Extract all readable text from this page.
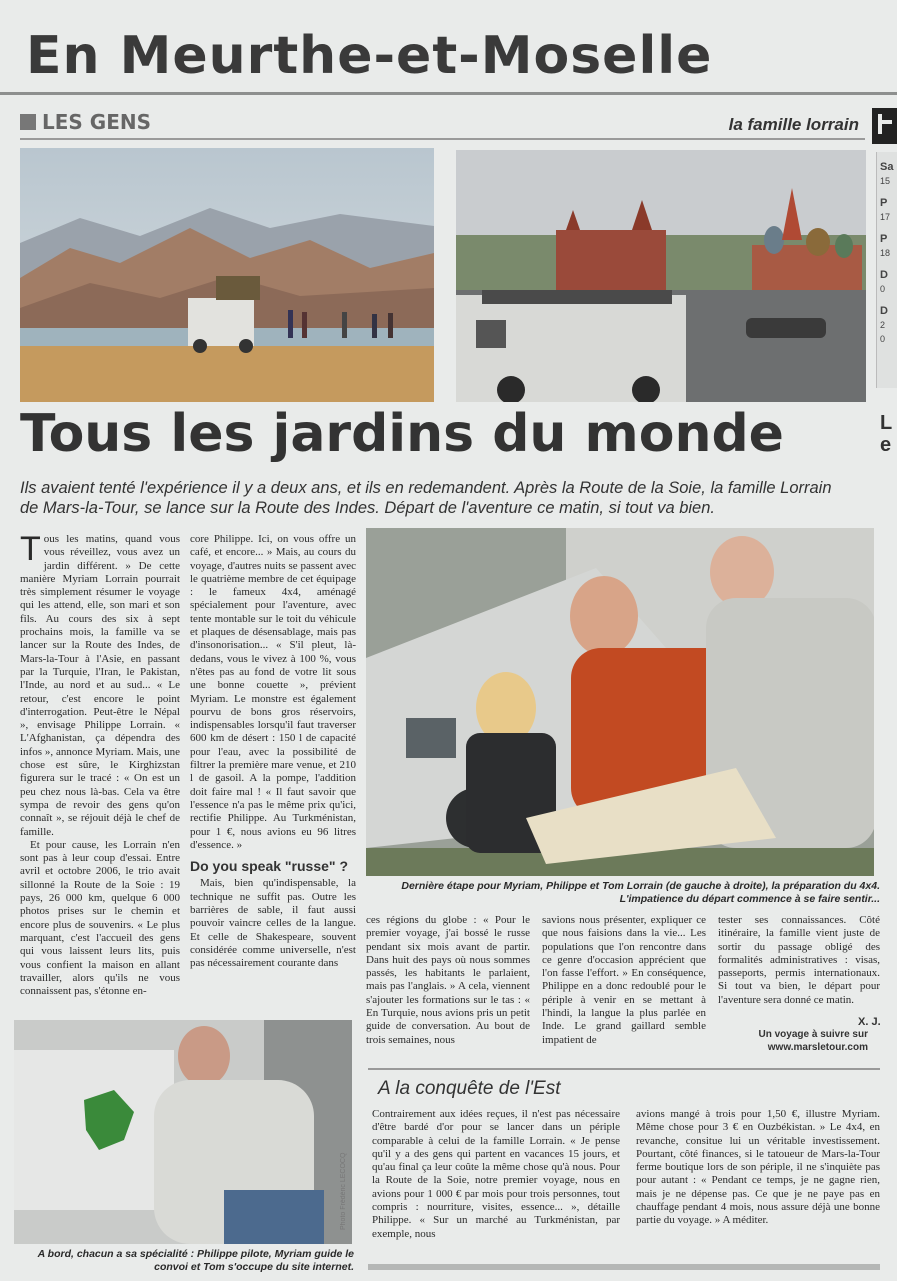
En Meurthe-et-Moselle
LES GENS	la famille lorrain
Sa
15
P
17
P
18
D
0
D
2
0
L
e
Tous les jardins du monde
Ils avaient tenté l'expérience il y a deux ans, et ils en redemandent. Après la Route de la Soie, la famille Lorrain de Mars-la-Tour, se lance sur la Route des Indes. Départ de l'aventure ce matin, si tout va bien.

Tous les matins, quand vous vous réveillez, vous avez un jardin différent. » De cette manière Myriam Lorrain pourrait très simplement résumer le voyage qui les attend, elle, son mari et son fils. Au cours des six à sept prochains mois, la famille va se lancer sur la Route des Indes, de Mars-la-Tour à l'Asie, en passant par la Turquie, l'Iran, le Pakistan, l'Inde, au nord et au sud... « Le retour, c'est encore le point d'interrogation. Peut-être le Népal », envisage Philippe Lorrain. « L'Afghanistan, ça dépendra des infos », annonce Myriam. Mais, une chose est sûre, le Kirghizstan figurera sur le tracé : « On est un peu chez nous là-bas. Cela va être sympa de revoir des gens qu'on connaît », se réjouit déjà le chef de famille.

Et pour cause, les Lorrain n'en sont pas à leur coup d'essai. Entre avril et octobre 2006, le trio avait sillonné la Route de la Soie : 19 pays, 26 000 km, quelque 6 000 photos prises sur le chemin et encore plus de souvenirs. « Le plus marquant, c'est l'accueil des gens qui vous laissent leurs lits, puis vous confient la maison en allant travailler, alors qu'ils ne vous connaissent pas, s'étonne en-

core Philippe. Ici, on vous offre un café, et encore... » Mais, au cours du voyage, d'autres nuits se passent avec le quatrième membre de cet équipage : le fameux 4x4, aménagé spécialement pour l'aventure, avec tente montable sur le toit du véhicule et plaques de désensablage, mais pas d'insonorisation... « S'il pleut, là-dedans, vous le vivez à 100 %, vous n'êtes pas au fond de votre lit sous une bonne couette », prévient Myriam. Le monstre est également pourvu de bons gros réservoirs, indispensables lorsqu'il faut traverser 600 km de désert : 150 l de capacité pour l'eau, avec la possibilité de filtrer la première mare venue, et 210 l de gasoil. A la pompe, l'addition doit faire mal ! « Il faut savoir que l'essence n'a pas le même prix qu'ici, rectifie Philippe. Au Turkménistan, pour 1 €, nous avions eu 96 litres d'essence. »

Do you speak "russe" ?

Mais, bien qu'indispensable, la technique ne suffit pas. Outre les barrières de sable, il faut aussi pouvoir vaincre celles de la langue. Et celle de Shakespeare, souvent considérée comme universelle, n'est pas nécessairement courante dans

Dernière étape pour Myriam, Philippe et Tom Lorrain (de gauche à droite), la préparation du 4x4. L'impatience du départ commence à se faire sentir...
ces régions du globe : « Pour le premier voyage, j'ai bossé le russe pendant six mois avant de partir. Dans huit des pays où nous sommes passés, les habitants le parlaient, mais pas l'anglais. » A cela, viennent s'ajouter les formations sur le tas : « En Turquie, nous avions pris un petit guide de conversation. Au bout de trois semaines, nous
savions nous présenter, expliquer ce que nous faisions dans la vie... Les populations que l'on rencontre dans ce genre d'occasion apprécient que l'on fasse l'effort. » En conséquence, Philippe en a donc redoublé pour le périple à venir en se mettant à l'hindi, la langue la plus parlée en Inde. Le grand gaillard semble impatient de
tester ses connaissances. Côté itinéraire, la famille vient juste de sortir du passage obligé des formalités administratives : visas, passeports, permis internationaux. Si tout va bien, le départ pour l'aventure sera donné ce matin.
X. J.
Un voyage à suivre sur
www.marsletour.com
Photo Frédéric LECOCQ
A bord, chacun a sa spécialité : Philippe pilote, Myriam guide le convoi et Tom s'occupe du site internet.
A la conquête de l'Est
Contrairement aux idées reçues, il n'est pas nécessaire d'être bardé d'or pour se lancer dans un périple comparable à celui de la famille Lorrain. « Je pense qu'il y a des gens qui partent en vacances 15 jours, et qu'au final ça leur coûte la même chose qu'à nous. Pour la Route de la Soie, notre premier voyage, nous en avions pour 1 000 € par mois pour trois personnes, tout compris : nourriture, visites, essence... », détaille Philippe. « Sur un marché au Turkménistan, par exemple, nous
avions mangé à trois pour 1,50 €, illustre Myriam. Même chose pour 3 € en Ouzbékistan. » Le 4x4, en revanche, consitue lui un véritable investissement. Pourtant, côté finances, si le tatoueur de Mars-la-Tour ferme boutique lors de son périple, il ne s'inquiète pas pour autant : « Pendant ce temps, je ne gagne rien, mais je ne dépense pas. Ce que je ne paye pas en chauffage pendant 4 mois, nous assure déjà une bonne partie du voyage. » A méditer.
